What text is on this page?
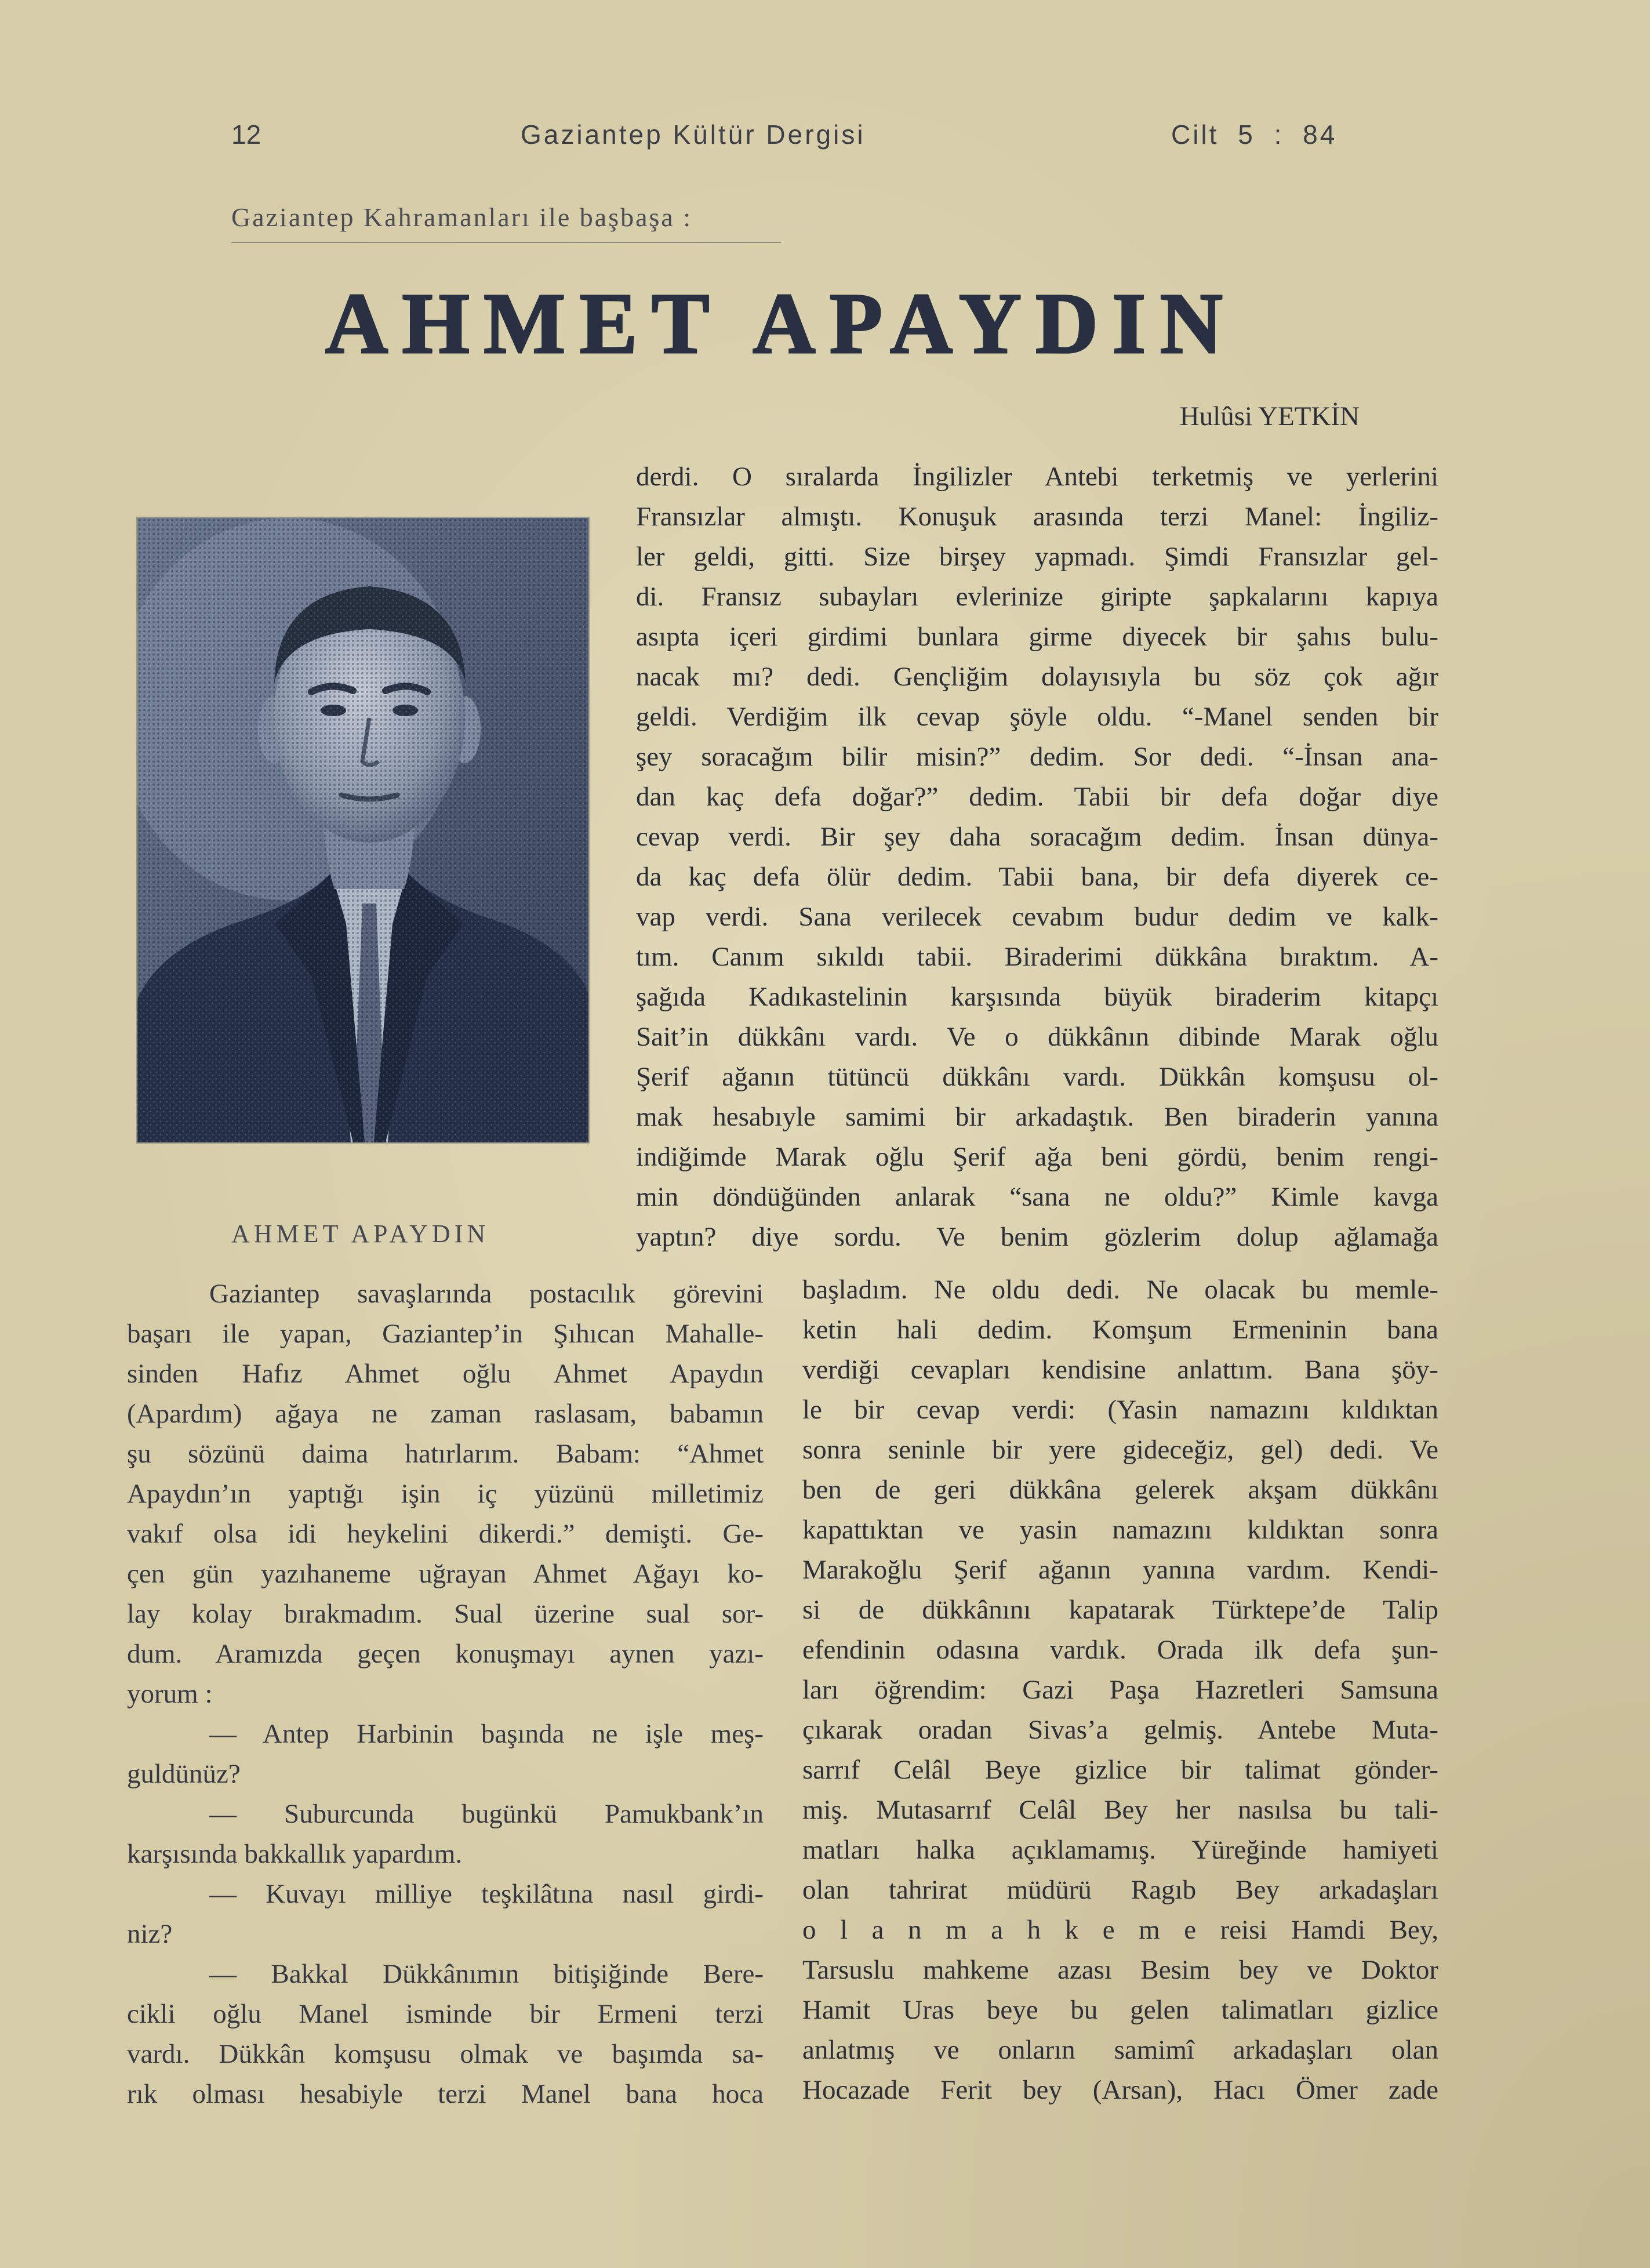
12	Gaziantep Kültür Dergisi	Cilt 5 : 84
Gaziantep Kahramanları ile başbaşa :
AHMET APAYDIN
Hulûsi YETKİN
AHMET APAYDIN
derdi. O sıralarda İngilizler Antebi terketmiş ve yerlerini
Fransızlar almıştı. Konuşuk arasında terzi Manel: İngiliz-
ler geldi, gitti. Size birşey yapmadı. Şimdi Fransızlar gel-
di. Fransız subayları evlerinize giripte şapkalarını kapıya
asıpta içeri girdimi bunlara girme diyecek bir şahıs bulu-
nacak mı? dedi. Gençliğim dolayısıyla bu söz çok ağır
geldi. Verdiğim ilk cevap şöyle oldu. “-Manel senden bir
şey soracağım bilir misin?” dedim. Sor dedi. “-İnsan ana-
dan kaç defa doğar?” dedim. Tabii bir defa doğar diye
cevap verdi. Bir şey daha soracağım dedim. İnsan dünya-
da kaç defa ölür dedim. Tabii bana, bir defa diyerek ce-
vap verdi. Sana verilecek cevabım budur dedim ve kalk-
tım. Canım sıkıldı tabii. Biraderimi dükkâna bıraktım. A-
şağıda Kadıkastelinin karşısında büyük biraderim kitapçı
Sait’in dükkânı vardı. Ve o dükkânın dibinde Marak oğlu
Şerif ağanın tütüncü dükkânı vardı. Dükkân komşusu ol-
mak hesabıyle samimi bir arkadaştık. Ben biraderin yanına
indiğimde Marak oğlu Şerif ağa beni gördü, benim rengi-
min döndüğünden anlarak “sana ne oldu?” Kimle kavga
yaptın? diye sordu. Ve benim gözlerim dolup ağlamağa
Gaziantep savaşlarında postacılık görevini
başarı ile yapan, Gaziantep’in Şıhıcan Mahalle-
sinden Hafız Ahmet oğlu Ahmet Apaydın
(Apardım) ağaya ne zaman raslasam, babamın
şu sözünü daima hatırlarım. Babam: “Ahmet
Apaydın’ın yaptığı işin iç yüzünü milletimiz
vakıf olsa idi heykelini dikerdi.” demişti. Ge-
çen gün yazıhaneme uğrayan Ahmet Ağayı ko-
lay kolay bırakmadım. Sual üzerine sual sor-
dum. Aramızda geçen konuşmayı aynen yazı-
yorum :
— Antep Harbinin başında ne işle meş-
guldünüz?
— Suburcunda bugünkü Pamukbank’ın
karşısında bakkallık yapardım.
— Kuvayı milliye teşkilâtına nasıl girdi-
niz?
— Bakkal Dükkânımın bitişiğinde Bere-
cikli oğlu Manel isminde bir Ermeni terzi
vardı. Dükkân komşusu olmak ve başımda sa-
rık olması hesabiyle terzi Manel bana hoca
başladım. Ne oldu dedi. Ne olacak bu memle-
ketin hali dedim. Komşum Ermeninin bana
verdiği cevapları kendisine anlattım. Bana şöy-
le bir cevap verdi: (Yasin namazını kıldıktan
sonra seninle bir yere gideceğiz, gel) dedi. Ve
ben de geri dükkâna gelerek akşam dükkânı
kapattıktan ve yasin namazını kıldıktan sonra
Marakoğlu Şerif ağanın yanına vardım. Kendi-
si de dükkânını kapatarak Türktepe’de Talip
efendinin odasına vardık. Orada ilk defa şun-
ları öğrendim: Gazi Paşa Hazretleri Samsuna
çıkarak oradan Sivas’a gelmiş. Antebe Muta-
sarrıf Celâl Beye gizlice bir talimat gönder-
miş. Mutasarrıf Celâl Bey her nasılsa bu tali-
matları halka açıklamamış. Yüreğinde hamiyeti
olan tahrirat müdürü Ragıb Bey arkadaşları
o l a n m a h k e m e reisi Hamdi Bey,
Tarsuslu mahkeme azası Besim bey ve Doktor
Hamit Uras beye bu gelen talimatları gizlice
anlatmış ve onların samimî arkadaşları olan
Hocazade Ferit bey (Arsan), Hacı Ömer zade
